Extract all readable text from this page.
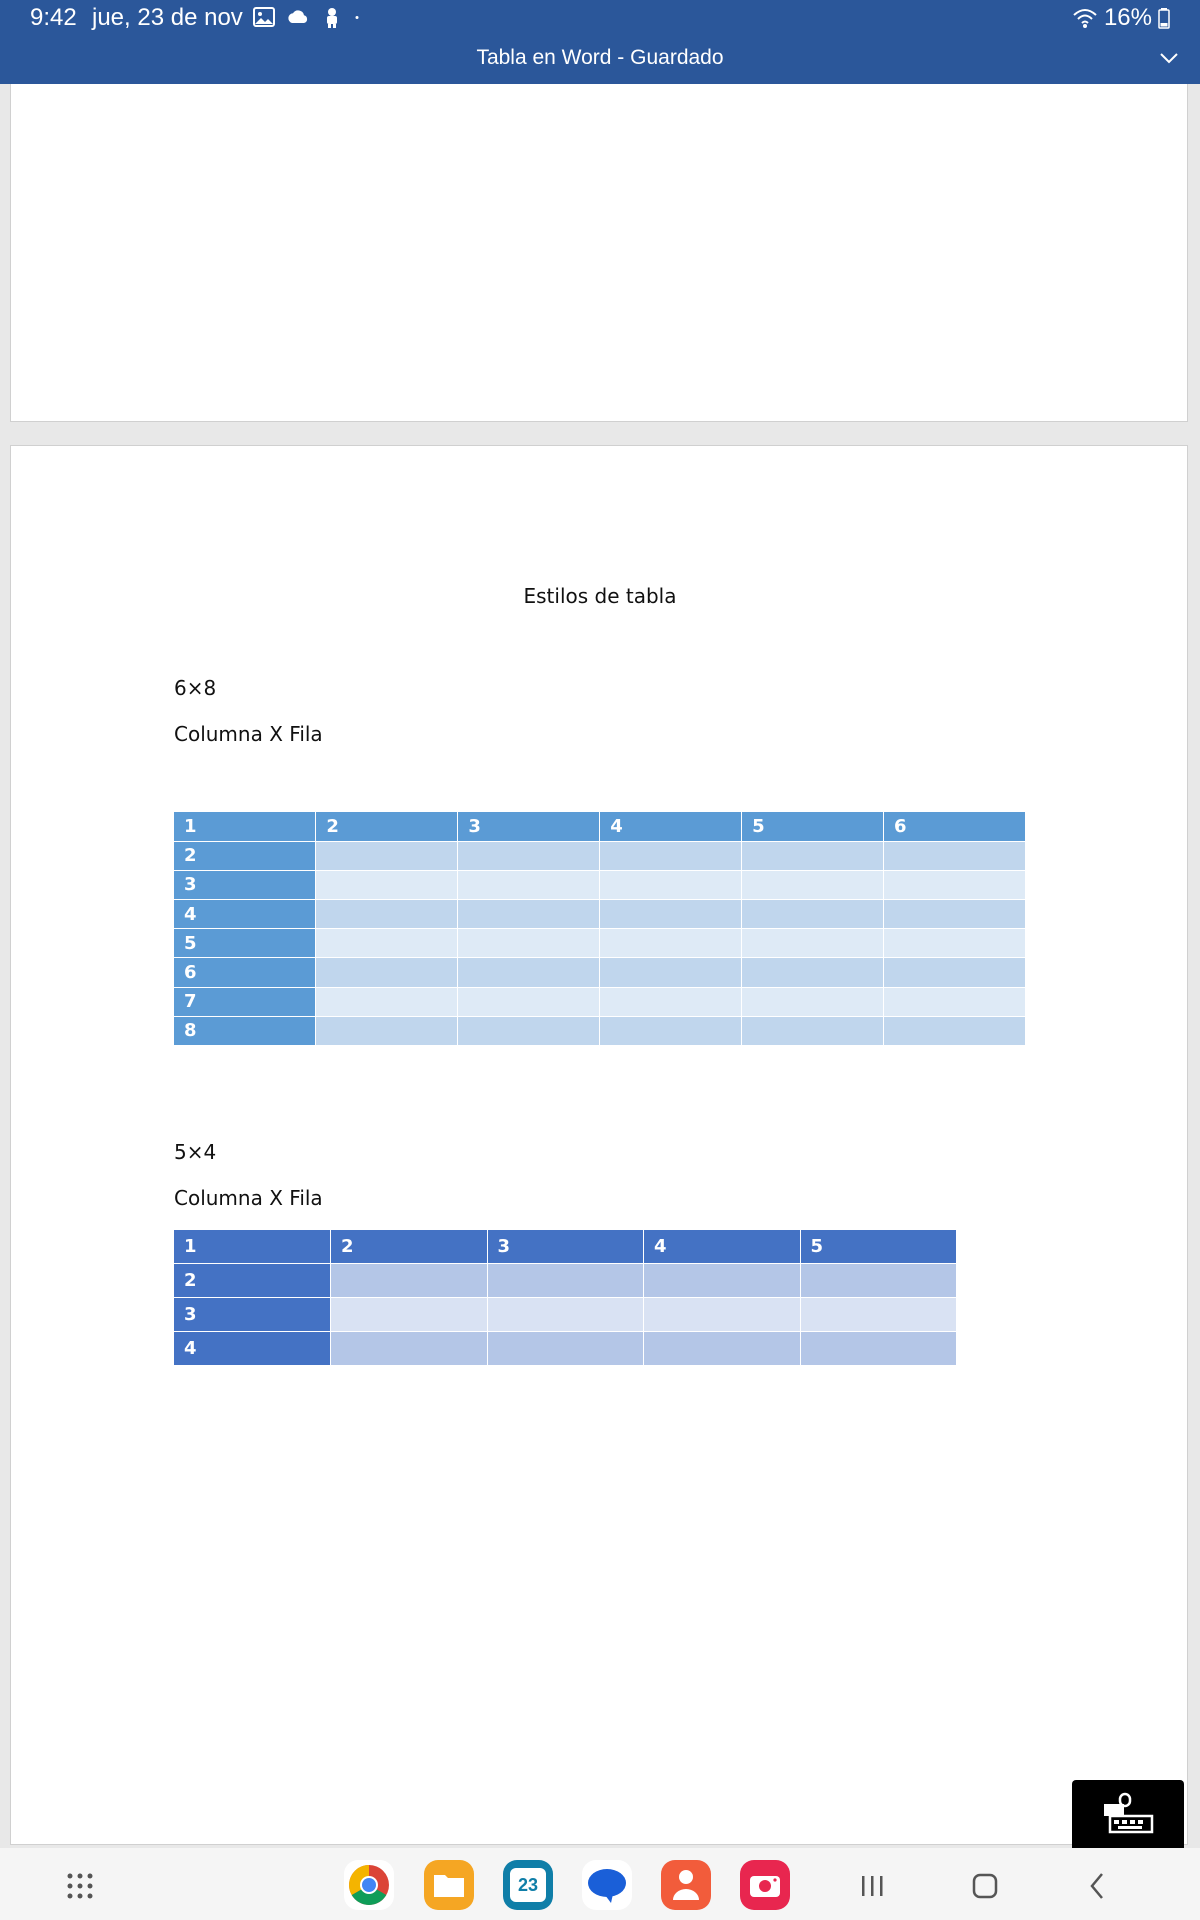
9:42 jue, 23 de nov	16%
Tabla en Word - Guardado
Estilos de tabla
6×8
Columna X Fila
1	2	3	4	5	6
2					
3					
4					
5					
6					
7					
8					
5×4
Columna X Fila
1	2	3	4	5
2				
3				
4				
23
